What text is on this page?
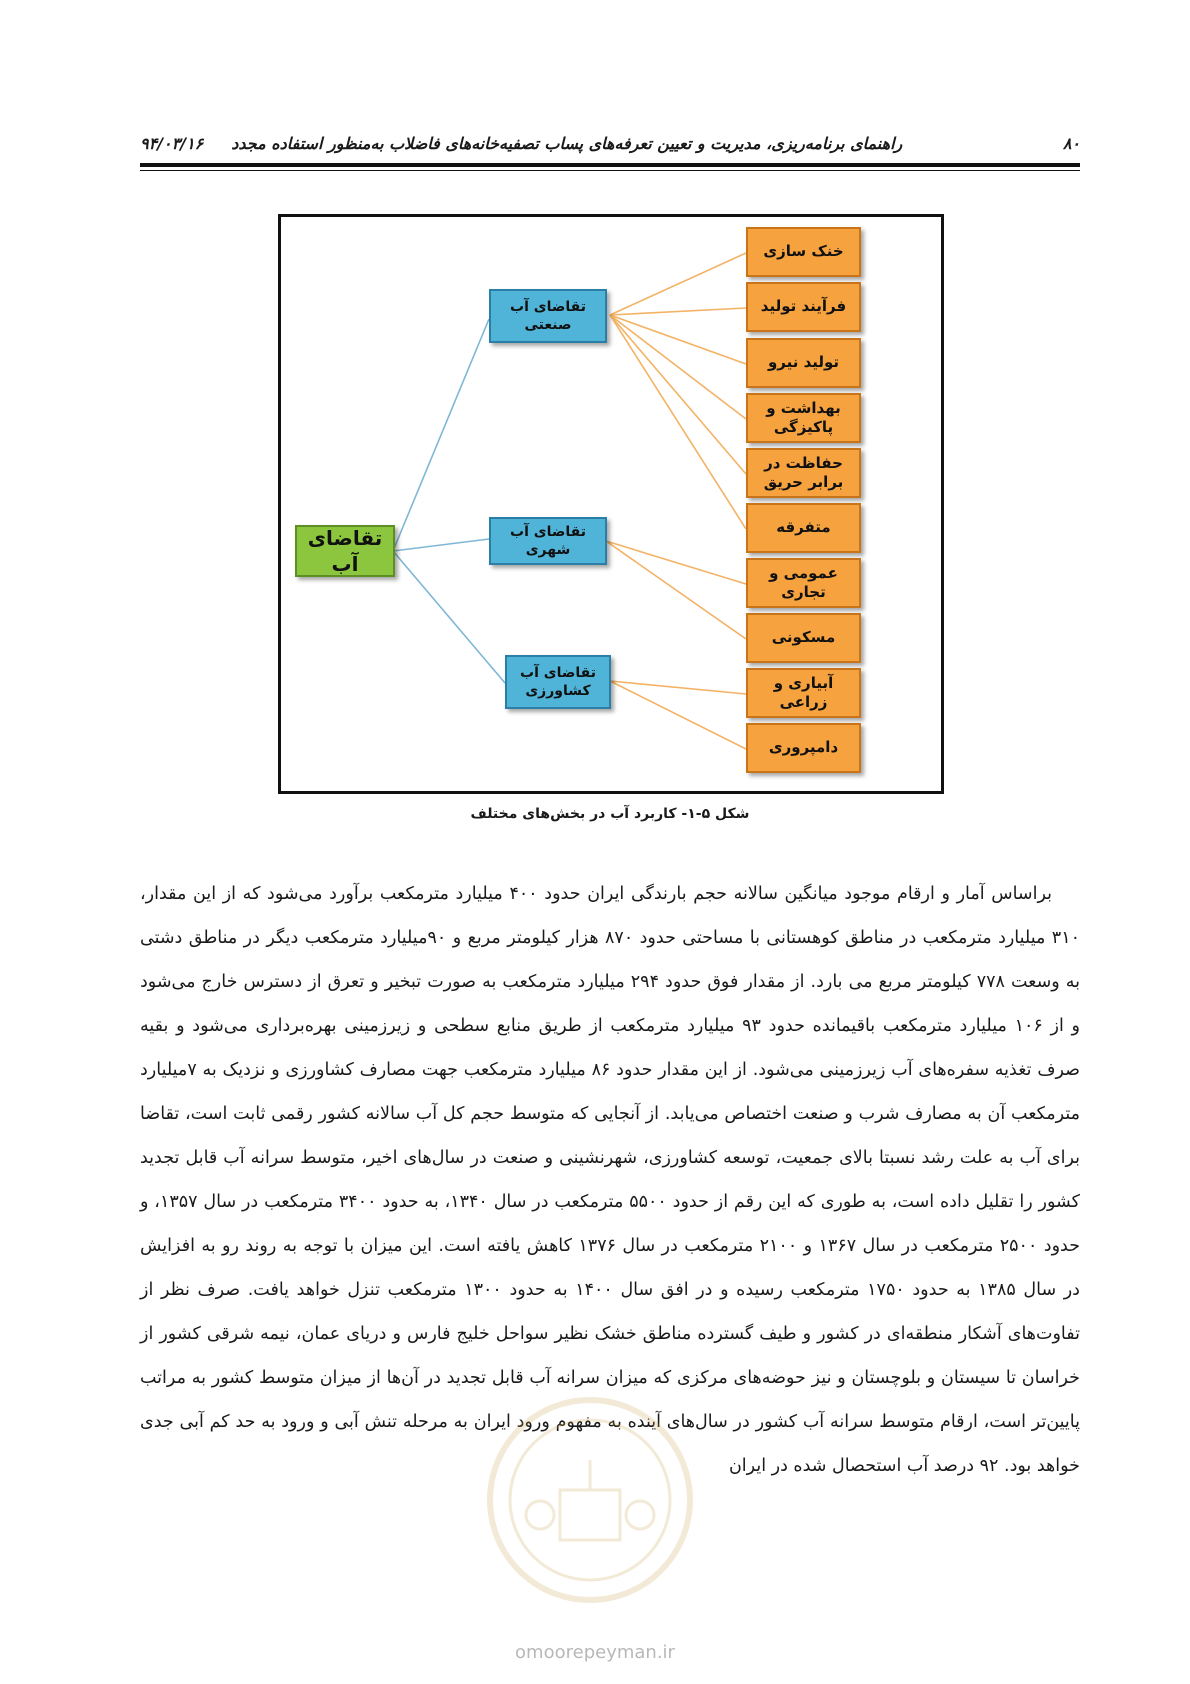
۸۰
راهنمای برنامه‌ریزی، مدیریت و تعیین تعرفه‌های پساب تصفیه‌خانه‌های فاضلاب به‌منظور استفاده مجدد
۹۴/۰۳/۱۶
تقاضای آب
تقاضای آب صنعتی
تقاضای آب شهری
تقاضای آب کشاورزی
خنک سازی
فرآیند تولید
تولید نیرو
بهداشت و پاکیزگی
حفاظت در برابر حریق
متفرقه
عمومی و تجاری
مسکونی
آبیاری و زراعی
دامپروری
شکل ۵-۱- کاربرد آب در بخش‌های مختلف

براساس آمار و ارقام موجود میانگین سالانه حجم بارندگی ایران حدود ۴۰۰ میلیارد مترمکعب برآورد می‌شود که از این مقدار، ۳۱۰ میلیارد مترمکعب در مناطق کوهستانی با مساحتی حدود ۸۷۰ هزار کیلومتر مربع و ۹۰میلیارد مترمکعب دیگر در مناطق دشتی به وسعت ۷۷۸ کیلومتر مربع می بارد. از مقدار فوق حدود ۲۹۴ میلیارد مترمکعب به صورت تبخیر و تعرق از دسترس خارج می‌شود و از ۱۰۶ میلیارد مترمکعب باقیمانده حدود ۹۳ میلیارد مترمکعب از طریق منابع سطحی و زیرزمینی بهره‌برداری می‌شود و بقیه صرف تغذیه سفره‌های آب زیرزمینی می‌شود. از این مقدار حدود ۸۶ میلیارد مترمکعب جهت مصارف کشاورزی و نزدیک به ۷میلیارد مترمکعب آن به مصارف شرب و صنعت اختصاص می‌یابد. از آنجایی که متوسط حجم کل آب سالانه کشور رقمی ثابت است، تقاضا برای آب به علت رشد نسبتا بالای جمعیت، توسعه کشاورزی، شهرنشینی و صنعت در سال‌های اخیر، متوسط سرانه آب قابل تجدید کشور را تقلیل داده است، به طوری که این رقم از حدود ۵۵۰۰ مترمکعب در سال ۱۳۴۰، به حدود ۳۴۰۰ مترمکعب در سال ۱۳۵۷، و حدود ۲۵۰۰ مترمکعب در سال ۱۳۶۷ و ۲۱۰۰ مترمکعب در سال ۱۳۷۶ کاهش یافته است. این میزان با توجه به روند رو به افزایش در سال ۱۳۸۵ به حدود ۱۷۵۰ مترمکعب رسیده و در افق سال ۱۴۰۰ به حدود ۱۳۰۰ مترمکعب تنزل خواهد یافت. صرف نظر از تفاوت‌های آشکار منطقه‌ای در کشور و طیف گسترده مناطق خشک نظیر سواحل خلیج فارس و دریای عمان، نیمه شرقی کشور از خراسان تا سیستان و بلوچستان و نیز حوضه‌های مرکزی که میزان سرانه آب قابل تجدید در آن‌ها از میزان متوسط کشور به مراتب پایین‌تر است، ارقام متوسط سرانه آب کشور در سال‌های آینده به مفهوم ورود ایران به مرحله تنش آبی و ورود به حد کم آبی جدی خواهد بود. ۹۲ درصد آب استحصال شده در ایران

omoorepeyman.ir
